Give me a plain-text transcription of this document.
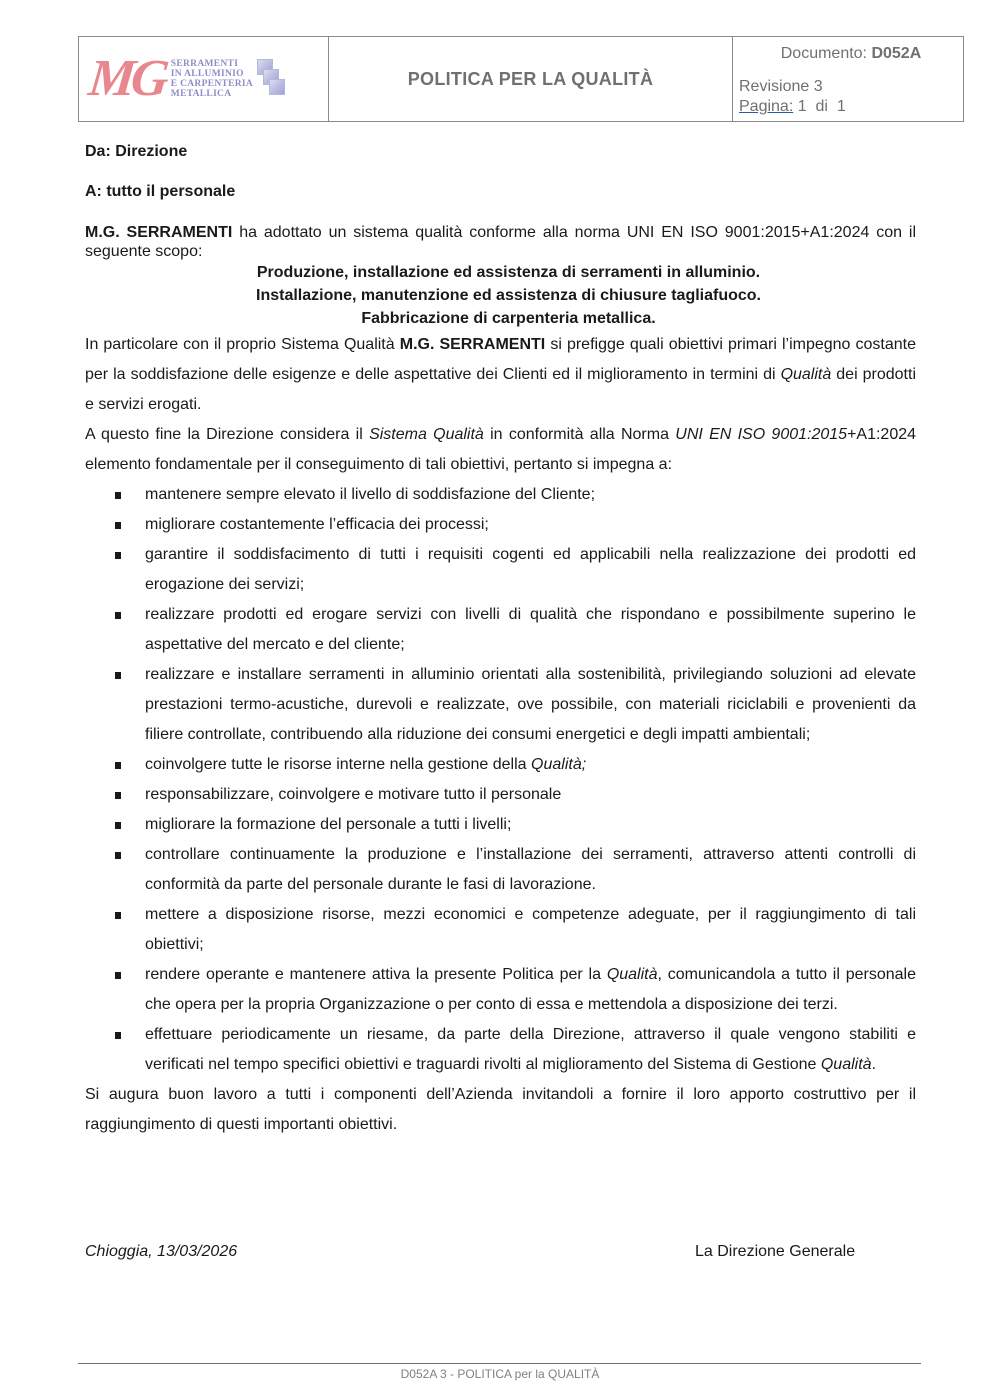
MG SERRAMENTI
IN ALLUMINIO
E CARPENTERIA
METALLICA
POLITICA PER LA QUALITÀ
Documento: D052A
Revisione 3
Pagina: 1  di  1
Da: Direzione
A: tutto il personale
M.G. SERRAMENTI ha adottato un sistema qualità conforme alla norma UNI EN ISO 9001:2015+A1:2024 con il seguente scopo:
Produzione, installazione ed assistenza di serramenti in alluminio.
Installazione, manutenzione ed assistenza di chiusure tagliafuoco.
Fabbricazione di carpenteria metallica.
In particolare con il proprio Sistema Qualità M.G. SERRAMENTI si prefigge quali obiettivi primari l’impegno costante per la soddisfazione delle esigenze e delle aspettative dei Clienti ed il miglioramento in termini di Qualità dei prodotti e servizi erogati.
A questo fine la Direzione considera il Sistema Qualità in conformità alla Norma UNI EN ISO 9001:2015+A1:2024 elemento fondamentale per il conseguimento di tali obiettivi, pertanto si impegna a:
mantenere sempre elevato il livello di soddisfazione del Cliente;
migliorare costantemente l’efficacia dei processi;
garantire il soddisfacimento di tutti i requisiti cogenti ed applicabili nella realizzazione dei prodotti ed erogazione dei servizi;
realizzare prodotti ed erogare servizi con livelli di qualità che rispondano e possibilmente superino le aspettative del mercato e del cliente;
realizzare e installare serramenti in alluminio orientati alla sostenibilità, privilegiando soluzioni ad elevate prestazioni termo-acustiche, durevoli e realizzate, ove possibile, con materiali riciclabili e provenienti da filiere controllate, contribuendo alla riduzione dei consumi energetici e degli impatti ambientali;
coinvolgere tutte le risorse interne nella gestione della Qualità;
responsabilizzare, coinvolgere e motivare tutto il personale
migliorare la formazione del personale a tutti i livelli;
controllare continuamente la produzione e l’installazione dei serramenti, attraverso attenti controlli di conformità da parte del personale durante le fasi di lavorazione.
mettere a disposizione risorse, mezzi economici e competenze adeguate, per il raggiungimento di tali obiettivi;
rendere operante e mantenere attiva la presente Politica per la Qualità, comunicandola a tutto il personale che opera per la propria Organizzazione o per conto di essa e mettendola a disposizione dei terzi.
effettuare periodicamente un riesame, da parte della Direzione, attraverso il quale vengono stabiliti e verificati nel tempo specifici obiettivi e traguardi rivolti al miglioramento del Sistema di Gestione Qualità.
Si augura buon lavoro a tutti i componenti dell’Azienda invitandoli a fornire il loro apporto costruttivo per il raggiungimento di questi importanti obiettivi.
Chioggia, 13/03/2026	La Direzione Generale
D052A 3 - POLITICA per la QUALITÀ
